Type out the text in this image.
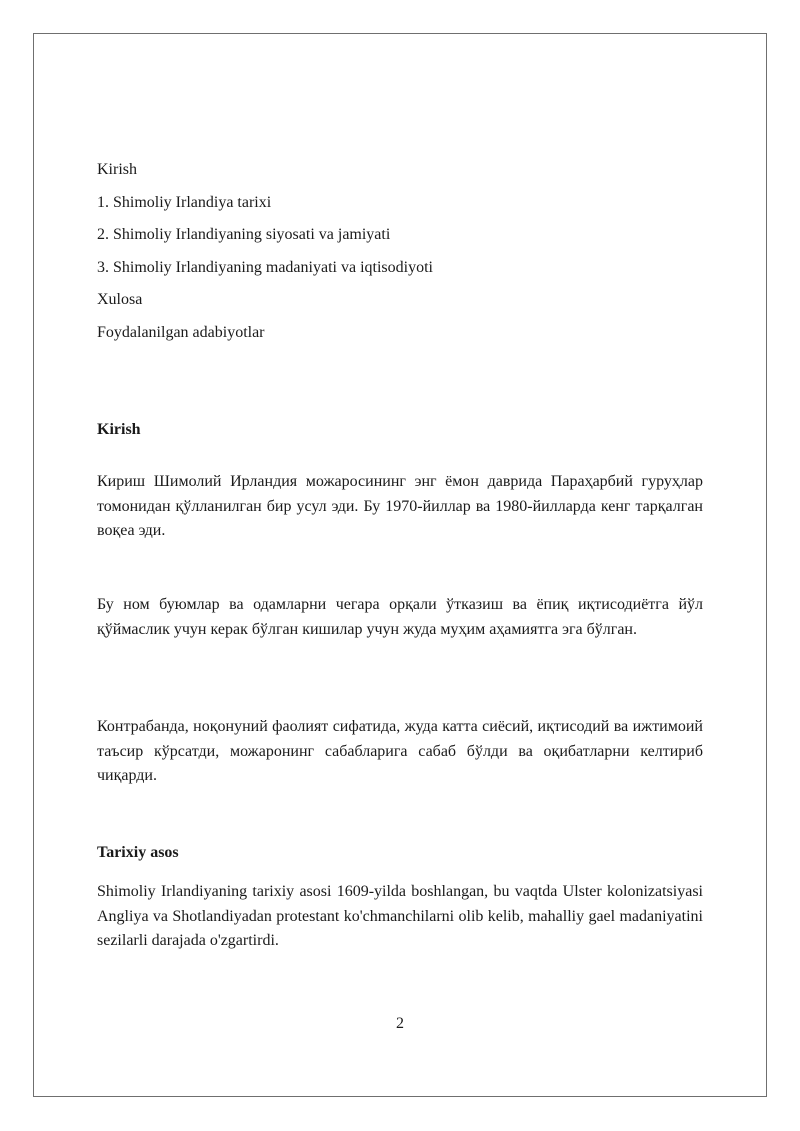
Kirish

1. Shimoliy Irlandiya tarixi

2. Shimoliy Irlandiyaning siyosati va jamiyati

3. Shimoliy Irlandiyaning madaniyati va iqtisodiyoti

Xulosa

Foydalanilgan adabiyotlar

Kirish

Кириш Шимолий Ирландия можаросининг энг ёмон даврида Параҳарбий гуруҳлар томонидан қўлланилган бир усул эди. Бу 1970-йиллар ва 1980-йилларда кенг тарқалган воқеа эди.

Бу ном буюмлар ва одамларни чегара орқали ўтказиш ва ёпиқ иқтисодиётга йўл қўймаслик учун керак бўлган кишилар учун жуда муҳим аҳамиятга эга бўлган.

Контрабанда, ноқонуний фаолият сифатида, жуда катта сиёсий, иқтисодий ва ижтимоий таъсир кўрсатди, можаронинг сабабларига сабаб бўлди ва оқибатларни келтириб чиқарди.

Tarixiy asos

Shimoliy Irlandiyaning tarixiy asosi 1609-yilda boshlangan, bu vaqtda Ulster kolonizatsiyasi Angliya va Shotlandiyadan protestant ko'chmanchilarni olib kelib, mahalliy gael madaniyatini sezilarli darajada o'zgartirdi.

2
